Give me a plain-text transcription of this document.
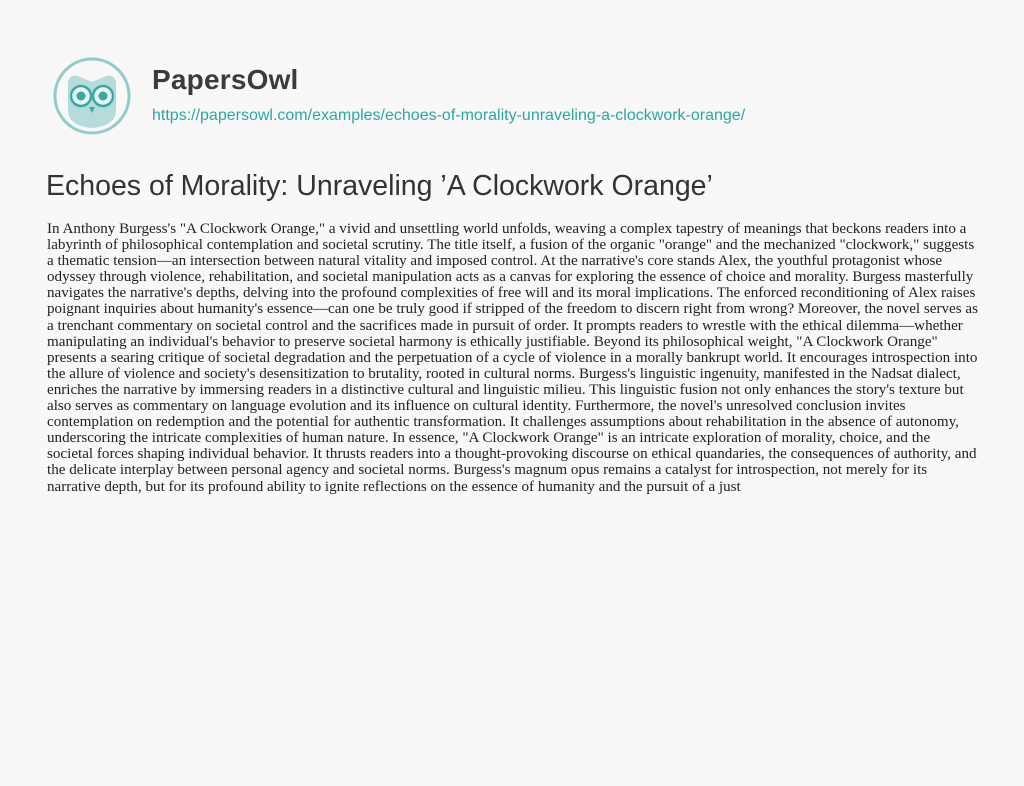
PapersOwl
https://papersowl.com/examples/echoes-of-morality-unraveling-a-clockwork-orange/
Echoes of Morality: Unraveling ’A Clockwork Orange’

In Anthony Burgess's "A Clockwork Orange," a vivid and unsettling world unfolds, weaving a complex tapestry of meanings that beckons readers into a labyrinth of philosophical contemplation and societal scrutiny. The title itself, a fusion of the organic "orange" and the mechanized "clockwork," suggests a thematic tension—an intersection between natural vitality and imposed control. At the narrative's core stands Alex, the youthful protagonist whose odyssey through violence, rehabilitation, and societal manipulation acts as a canvas for exploring the essence of choice and morality. Burgess masterfully navigates the narrative's depths, delving into the profound complexities of free will and its moral implications. The enforced reconditioning of Alex raises poignant inquiries about humanity's essence—can one be truly good if stripped of the freedom to discern right from wrong? Moreover, the novel serves as a trenchant commentary on societal control and the sacrifices made in pursuit of order. It prompts readers to wrestle with the ethical dilemma—whether manipulating an individual's behavior to preserve societal harmony is ethically justifiable. Beyond its philosophical weight, "A Clockwork Orange" presents a searing critique of societal degradation and the perpetuation of a cycle of violence in a morally bankrupt world. It encourages introspection into the allure of violence and society's desensitization to brutality, rooted in cultural norms. Burgess's linguistic ingenuity, manifested in the Nadsat dialect, enriches the narrative by immersing readers in a distinctive cultural and linguistic milieu. This linguistic fusion not only enhances the story's texture but also serves as commentary on language evolution and its influence on cultural identity. Furthermore, the novel's unresolved conclusion invites contemplation on redemption and the potential for authentic transformation. It challenges assumptions about rehabilitation in the absence of autonomy, underscoring the intricate complexities of human nature. In essence, "A Clockwork Orange" is an intricate exploration of morality, choice, and the societal forces shaping individual behavior. It thrusts readers into a thought-provoking discourse on ethical quandaries, the consequences of authority, and the delicate interplay between personal agency and societal norms. Burgess's magnum opus remains a catalyst for introspection, not merely for its narrative depth, but for its profound ability to ignite reflections on the essence of humanity and the pursuit of a just
